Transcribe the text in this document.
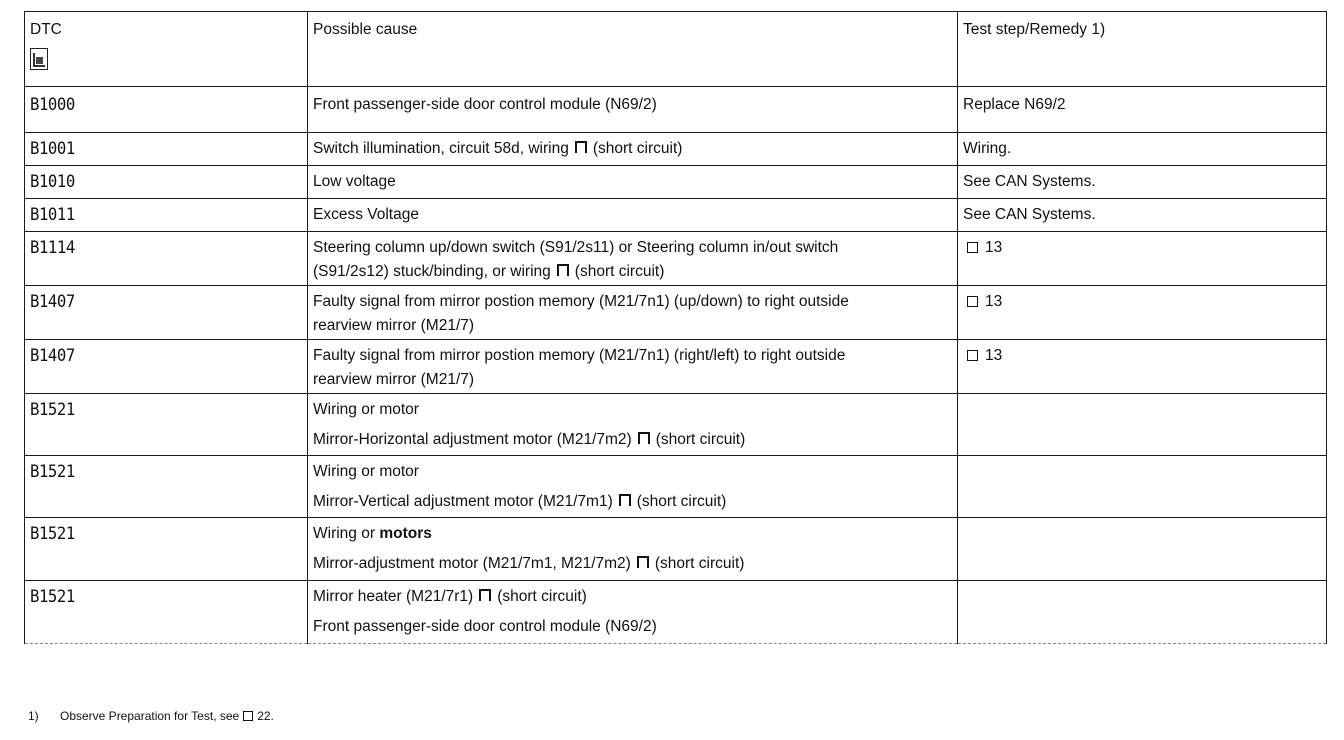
DTC	Possible cause	Test step/Remedy 1)
B1000	Front passenger-side door control module (N69/2)	Replace N69/2
B1001	Switch illumination, circuit 58d, wiring (short circuit)	Wiring.
B1010	Low voltage	See CAN Systems.
B1011	Excess Voltage	See CAN Systems.
B1114	Steering column up/down switch (S91/2s11) or Steering column in/out switch
(S91/2s12) stuck/binding, or wiring (short circuit)	13
B1407	Faulty signal from mirror postion memory (M21/7n1) (up/down) to right outside
rearview mirror (M21/7)	13
B1407	Faulty signal from mirror postion memory (M21/7n1) (right/left) to right outside
rearview mirror (M21/7)	13
B1521	Wiring or motor
Mirror-Horizontal adjustment motor (M21/7m2) (short circuit)	

B1521	Wiring or motor
Mirror-Vertical adjustment motor (M21/7m1) (short circuit)	

B1521	Wiring or motors
Mirror-adjustment motor (M21/7m1, M21/7m2) (short circuit)	

B1521	Mirror heater (M21/7r1) (short circuit)
Front passenger-side door control module (N69/2)	

1) Observe Preparation for Test, see 22.
